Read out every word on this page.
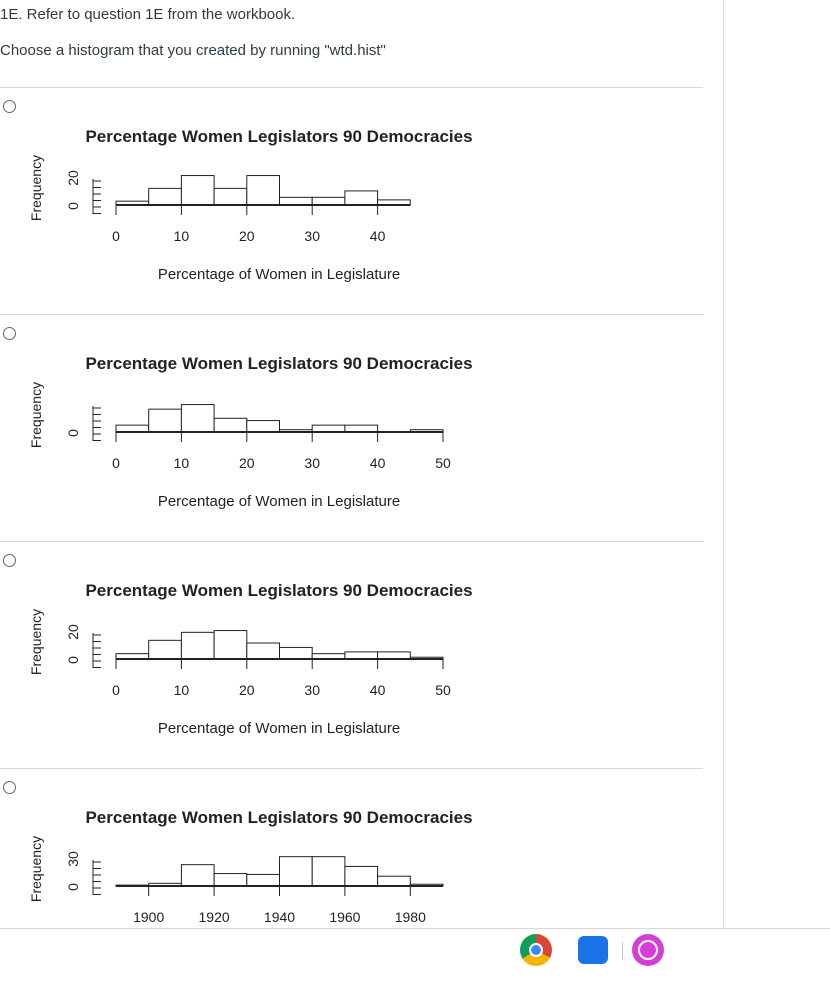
1E. Refer to question 1E from the workbook.
Choose a histogram that you created by running "wtd.hist"
Percentage Women Legislators 90 Democracies
Frequency
0	10	20	30	40
0
20
Percentage of Women in Legislature
Percentage Women Legislators 90 Democracies
Frequency
0	10	20	30	40	50
0
Percentage of Women in Legislature
Percentage Women Legislators 90 Democracies
Frequency
0	10	20	30	40	50
0
20
Percentage of Women in Legislature
Percentage Women Legislators 90 Democracies
Frequency
1900 1920 1940 1960 1980
0
30
